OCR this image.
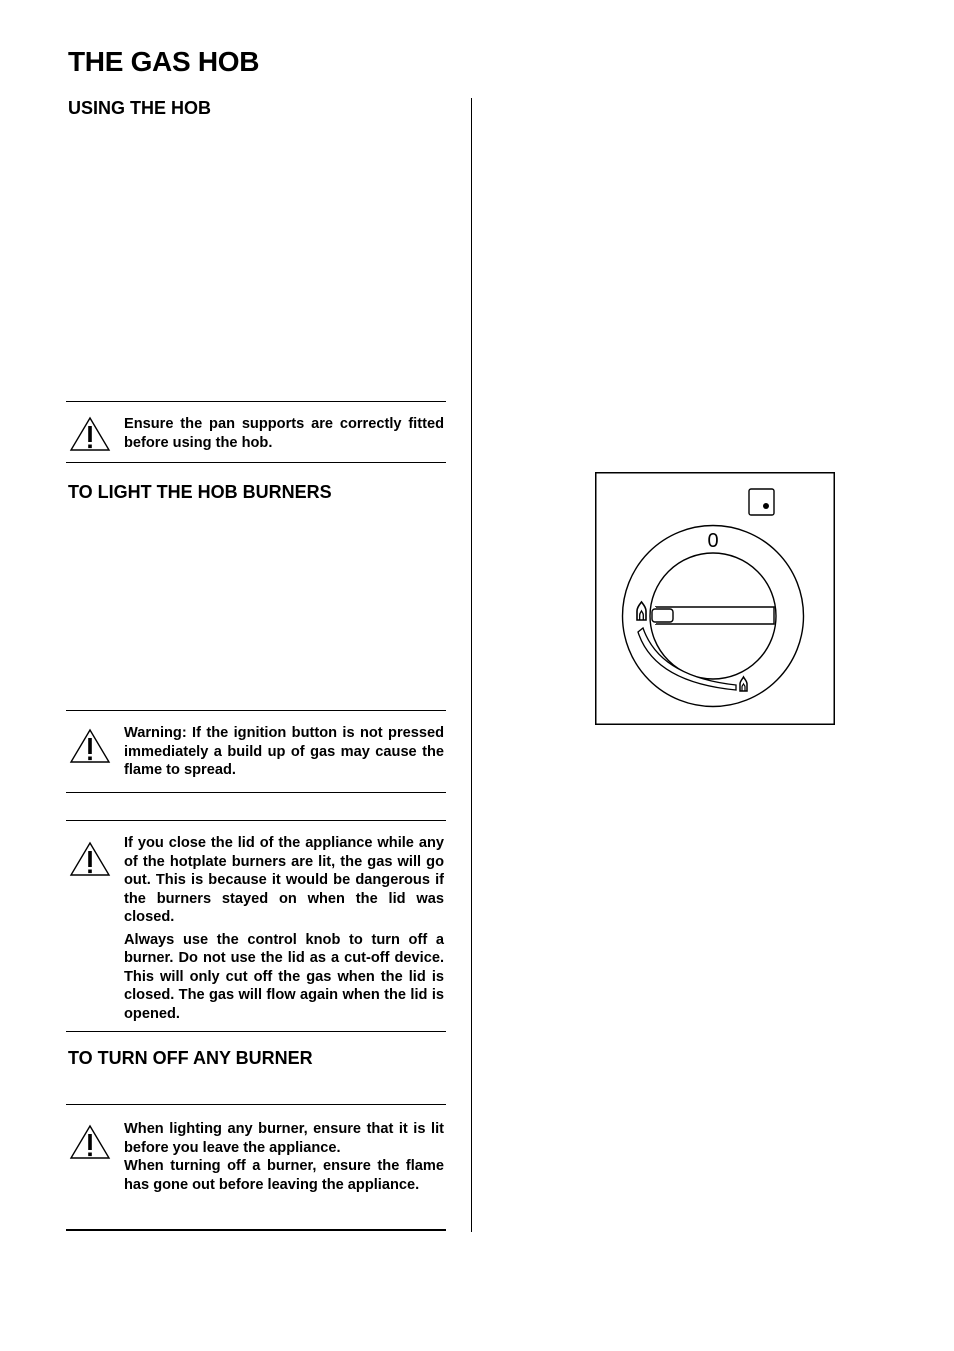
THE GAS HOB
USING THE HOB

Ensure the pan supports are correctly fitted before using the hob.

TO LIGHT THE HOB BURNERS

Warning: If the ignition button is not pressed immediately a build up of gas may cause the flame to spread.

If you close the lid of the appliance while any of the hotplate burners are lit, the gas will go out. This is because it would be dangerous if the burners stayed on when the lid was closed.

Always use the control knob to turn off a burner. Do not use the lid as a cut-off device. This will only cut off the gas when the lid is closed. The gas will flow again when the lid is opened.

TO TURN OFF ANY BURNER

When lighting any burner, ensure that it is lit before you leave the appliance.

When turning off a burner, ensure the flame has gone out before leaving the appliance.

0
